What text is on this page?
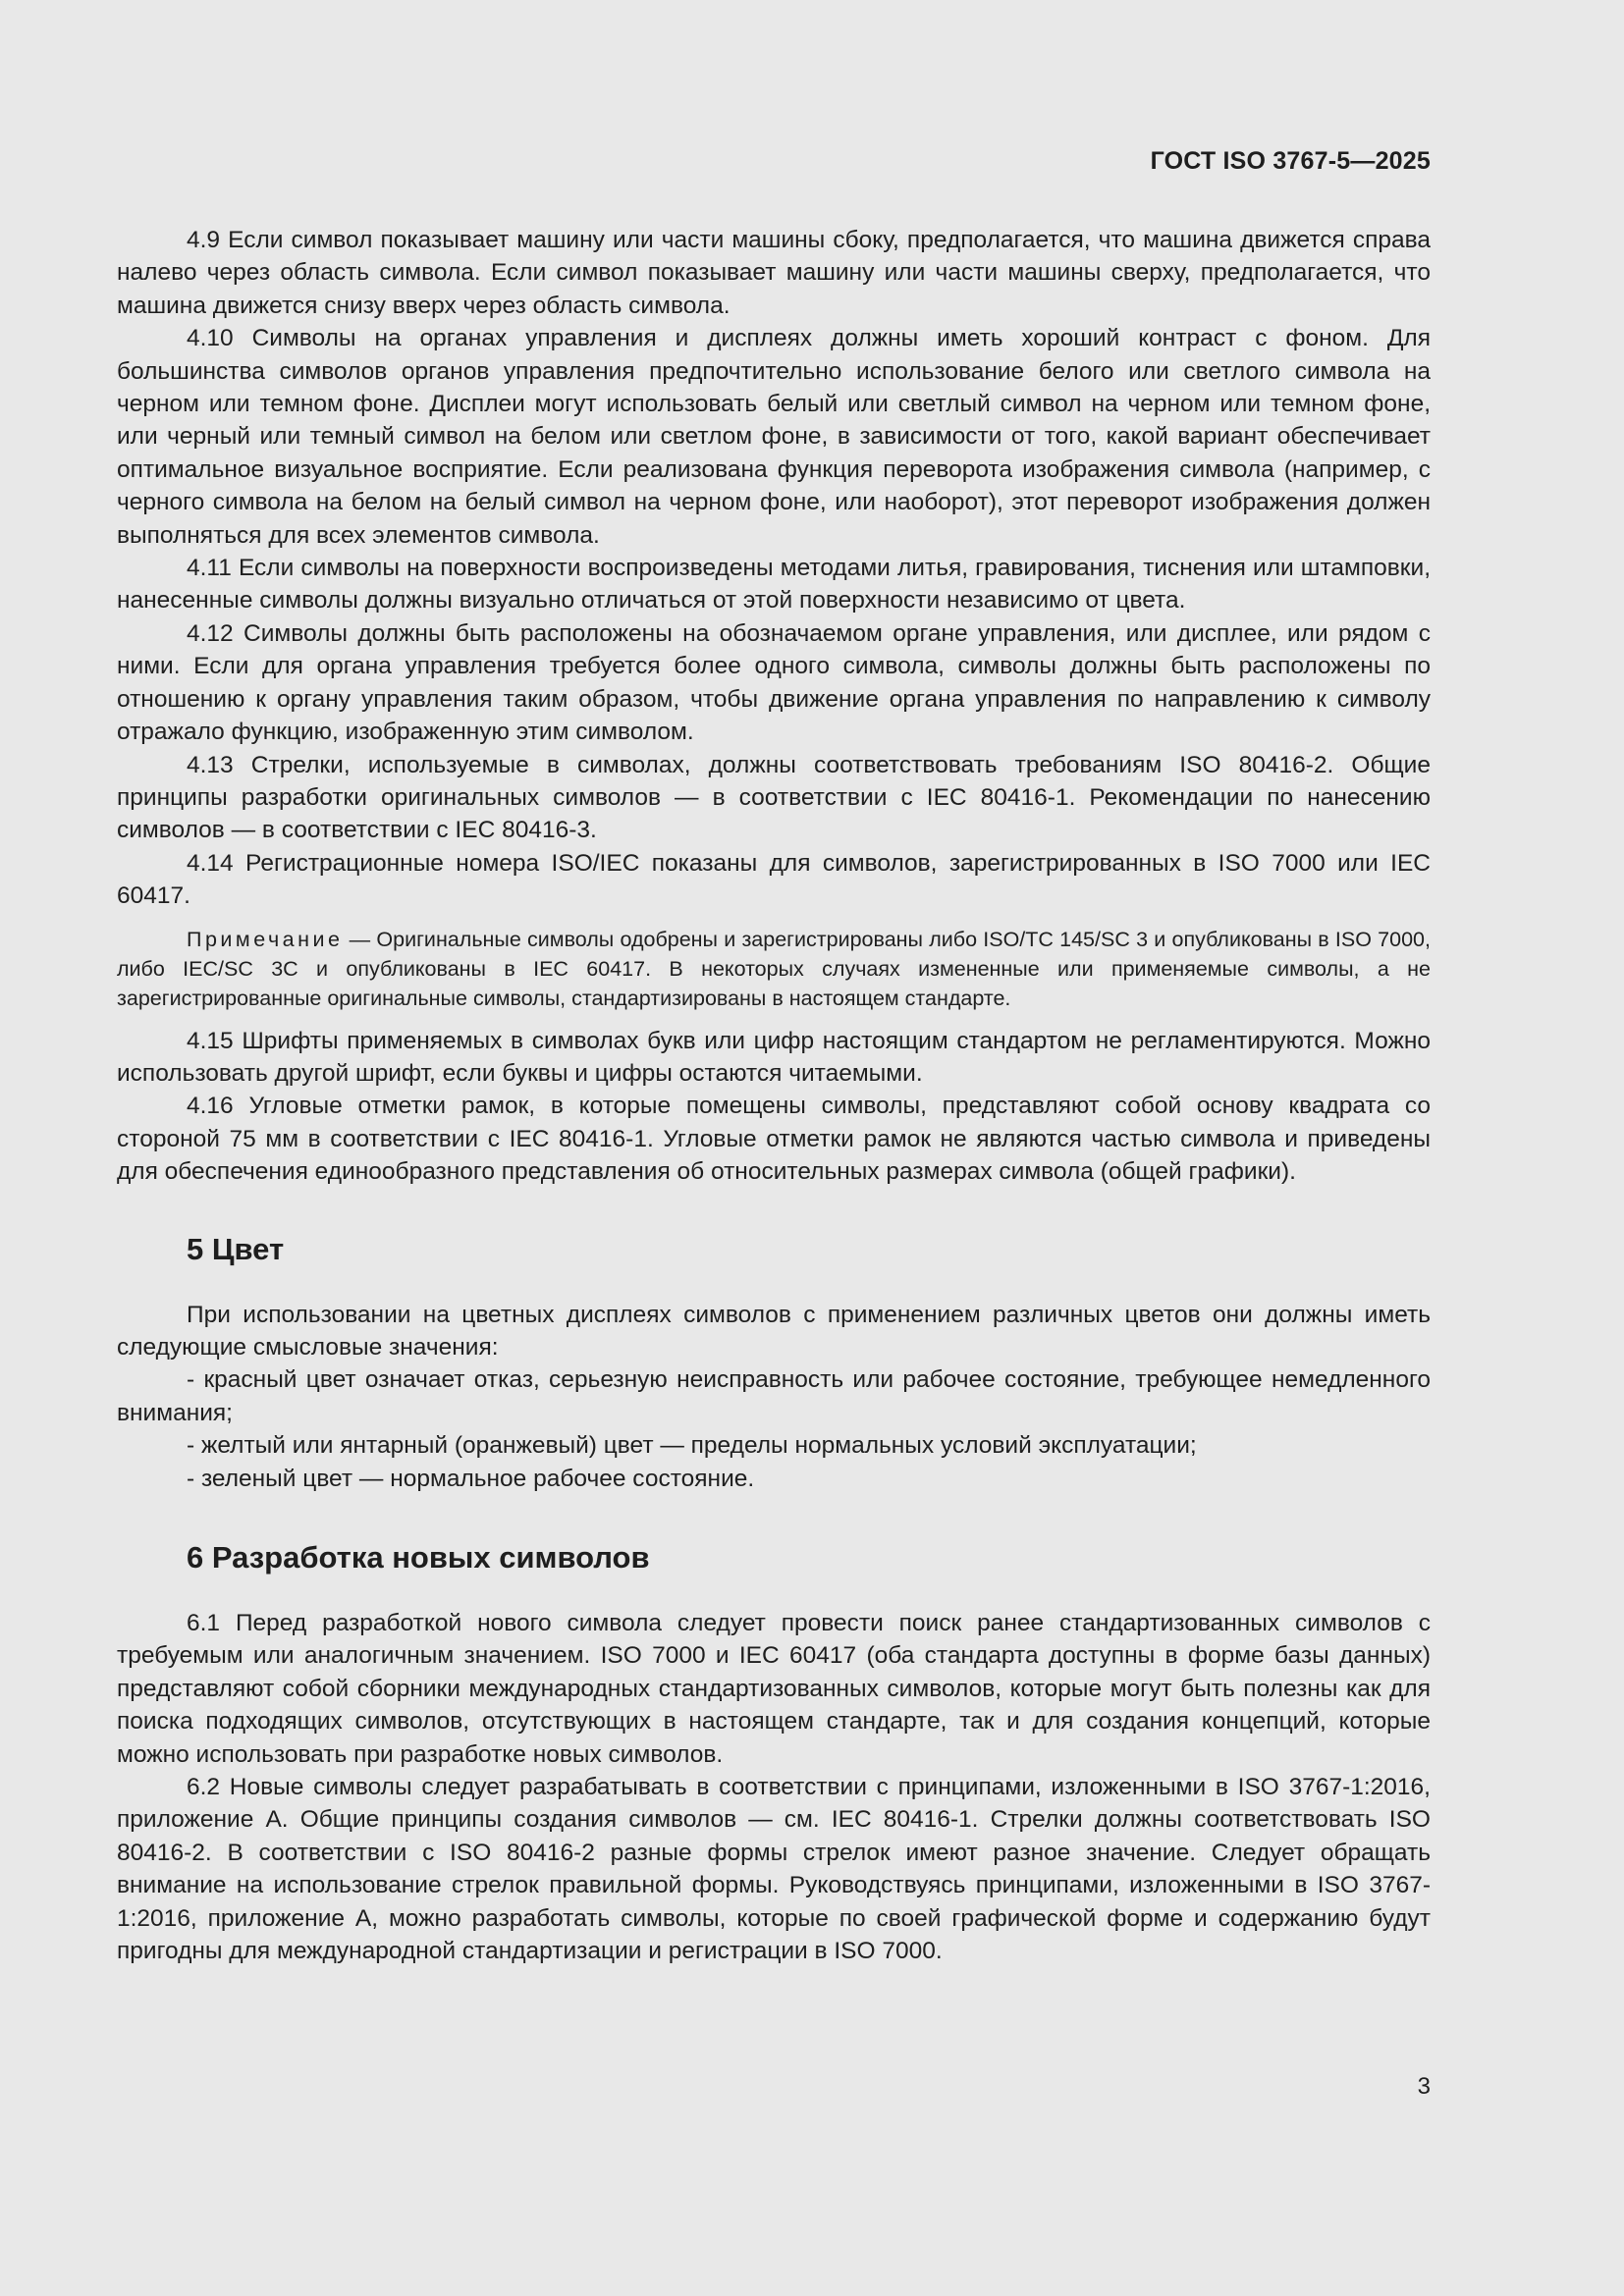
ГОСТ ISO 3767-5—2025

4.9 Если символ показывает машину или части машины сбоку, предполагается, что машина движется справа налево через область символа. Если символ показывает машину или части машины сверху, предполагается, что машина движется снизу вверх через область символа.

4.10 Символы на органах управления и дисплеях должны иметь хороший контраст с фоном. Для большинства символов органов управления предпочтительно использование белого или светлого символа на черном или темном фоне. Дисплеи могут использовать белый или светлый символ на черном или темном фоне, или черный или темный символ на белом или светлом фоне, в зависимости от того, какой вариант обеспечивает оптимальное визуальное восприятие. Если реализована функция переворота изображения символа (например, с черного символа на белом на белый символ на черном фоне, или наоборот), этот переворот изображения должен выполняться для всех элементов символа.

4.11 Если символы на поверхности воспроизведены методами литья, гравирования, тиснения или штамповки, нанесенные символы должны визуально отличаться от этой поверхности независимо от цвета.

4.12 Символы должны быть расположены на обозначаемом органе управления, или дисплее, или рядом с ними. Если для органа управления требуется более одного символа, символы должны быть расположены по отношению к органу управления таким образом, чтобы движение органа управления по направлению к символу отражало функцию, изображенную этим символом.

4.13 Стрелки, используемые в символах, должны соответствовать требованиям ISO 80416-2. Общие принципы разработки оригинальных символов — в соответствии с IEC 80416-1. Рекомендации по нанесению символов — в соответствии с IEC 80416-3.

4.14 Регистрационные номера ISO/IEC показаны для символов, зарегистрированных в ISO 7000 или IEC 60417.

Примечание — Оригинальные символы одобрены и зарегистрированы либо ISO/TC 145/SC 3 и опубликованы в ISO 7000, либо IEC/SC 3C и опубликованы в IEC 60417. В некоторых случаях измененные или применяемые символы, а не зарегистрированные оригинальные символы, стандартизированы в настоящем стандарте.

4.15 Шрифты применяемых в символах букв или цифр настоящим стандартом не регламентируются. Можно использовать другой шрифт, если буквы и цифры остаются читаемыми.

4.16 Угловые отметки рамок, в которые помещены символы, представляют собой основу квадрата со стороной 75 мм в соответствии с IEC 80416-1. Угловые отметки рамок не являются частью символа и приведены для обеспечения единообразного представления об относительных размерах символа (общей графики).

5 Цвет

При использовании на цветных дисплеях символов с применением различных цветов они должны иметь следующие смысловые значения:

- красный цвет означает отказ, серьезную неисправность или рабочее состояние, требующее немедленного внимания;

- желтый или янтарный (оранжевый) цвет — пределы нормальных условий эксплуатации;

- зеленый цвет — нормальное рабочее состояние.

6 Разработка новых символов

6.1 Перед разработкой нового символа следует провести поиск ранее стандартизованных символов с требуемым или аналогичным значением. ISO 7000 и IEC 60417 (оба стандарта доступны в форме базы данных) представляют собой сборники международных стандартизованных символов, которые могут быть полезны как для поиска подходящих символов, отсутствующих в настоящем стандарте, так и для создания концепций, которые можно использовать при разработке новых символов.

6.2 Новые символы следует разрабатывать в соответствии с принципами, изложенными в ISO 3767-1:2016, приложение А. Общие принципы создания символов — см. IEC 80416-1. Стрелки должны соответствовать ISO 80416-2. В соответствии с ISO 80416-2 разные формы стрелок имеют разное значение. Следует обращать внимание на использование стрелок правильной формы. Руководствуясь принципами, изложенными в ISO 3767-1:2016, приложение А, можно разработать символы, которые по своей графической форме и содержанию будут пригодны для международной стандартизации и регистрации в ISO 7000.

3
